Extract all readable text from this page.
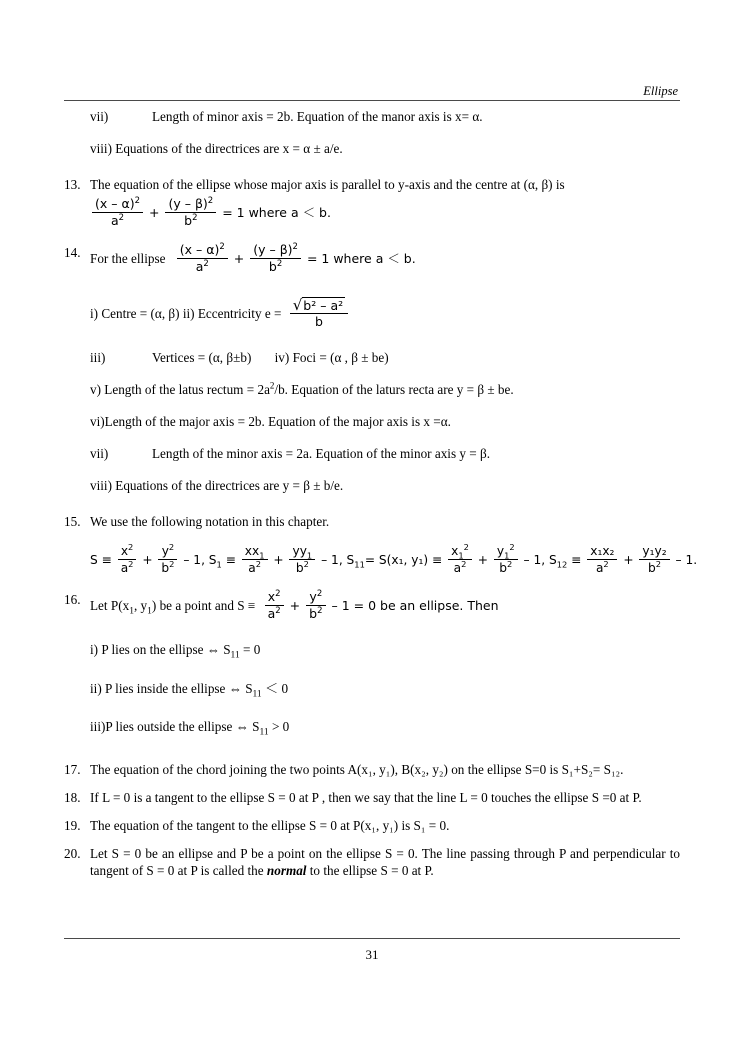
Ellipse
vii)	Length of minor axis = 2b. Equation of the manor axis is x= α.
viii) Equations of the directrices are x = α ± a/e.
13. The equation of the ellipse whose major axis is parallel to y-axis and the centre at (α, β) is
$\frac{(x - \alpha)^2}{a^2} + \frac{(y - \beta)^2}{b^2} = 1$ where a ＜ b.
14. For the ellipse $\frac{(x - \alpha)^2}{a^2} + \frac{(y - \beta)^2}{b^2} = 1$ where a ＜ b.
i) Centre = (α, β) ii) Eccentricity $e = \frac{\text{√b² – a²}}{b}$
iii)	Vertices = (α, β±b) iv) Foci = (α , β ± be)
v) Length of the latus rectum = $2a^2/b$. Equation of the laturs recta are y = β ± be.
vi)Length of the major axis = 2b. Equation of the major axis is x =α.
vii)	Length of the minor axis = 2a. Equation of the minor axis y = β.
viii) Equations of the directrices are y = β ± b/e.
15. We use the following notation in this chapter.
$S \equiv \frac{x^2}{a^2} + \frac{y^2}{b^2} - 1$, $S_1 \equiv \frac{xx_1}{a^2} + \frac{yy_1}{b^2} - 1$, $S_{11}= S(x_1$, $y_1) \equiv \frac{x_1^2}{a^2} + \frac{y_1^2}{b^2} - 1$, $S_{12} \equiv \frac{\text{x₁x₂}}{a^2} + \frac{\text{y₁y₂}}{b^2} - 1$.
16. Let $P(x_1$, $y_1$) be a point and $S \equiv \frac{x^2}{a^2} + \frac{y^2}{b^2} - 1 = 0$ be an ellipse. Then
i) P lies on the ellipse ⇔ $S_{11} = 0$
ii) P lies inside the ellipse ⇔ $S_{11} < 0$
iii)P lies outside the ellipse ⇔ $S_{11} > 0$
17. The equation of the chord joining the two points A(x₁, y₁), B(x₂, y₂) on the ellipse S=0 is S₁+S₂= S₁₂.
18. If L = 0 is a tangent to the ellipse S = 0 at P , then we say that the line L = 0 touches the ellipse S =0 at P.
19. The equation of the tangent to the ellipse S = 0 at P(x₁, y₁) is S₁ = 0.
20. Let S = 0 be an ellipse and P be a point on the ellipse S = 0. The line passing through P and perpendicular to tangent of S = 0 at P is called the normal to the ellipse S = 0 at P.
31
